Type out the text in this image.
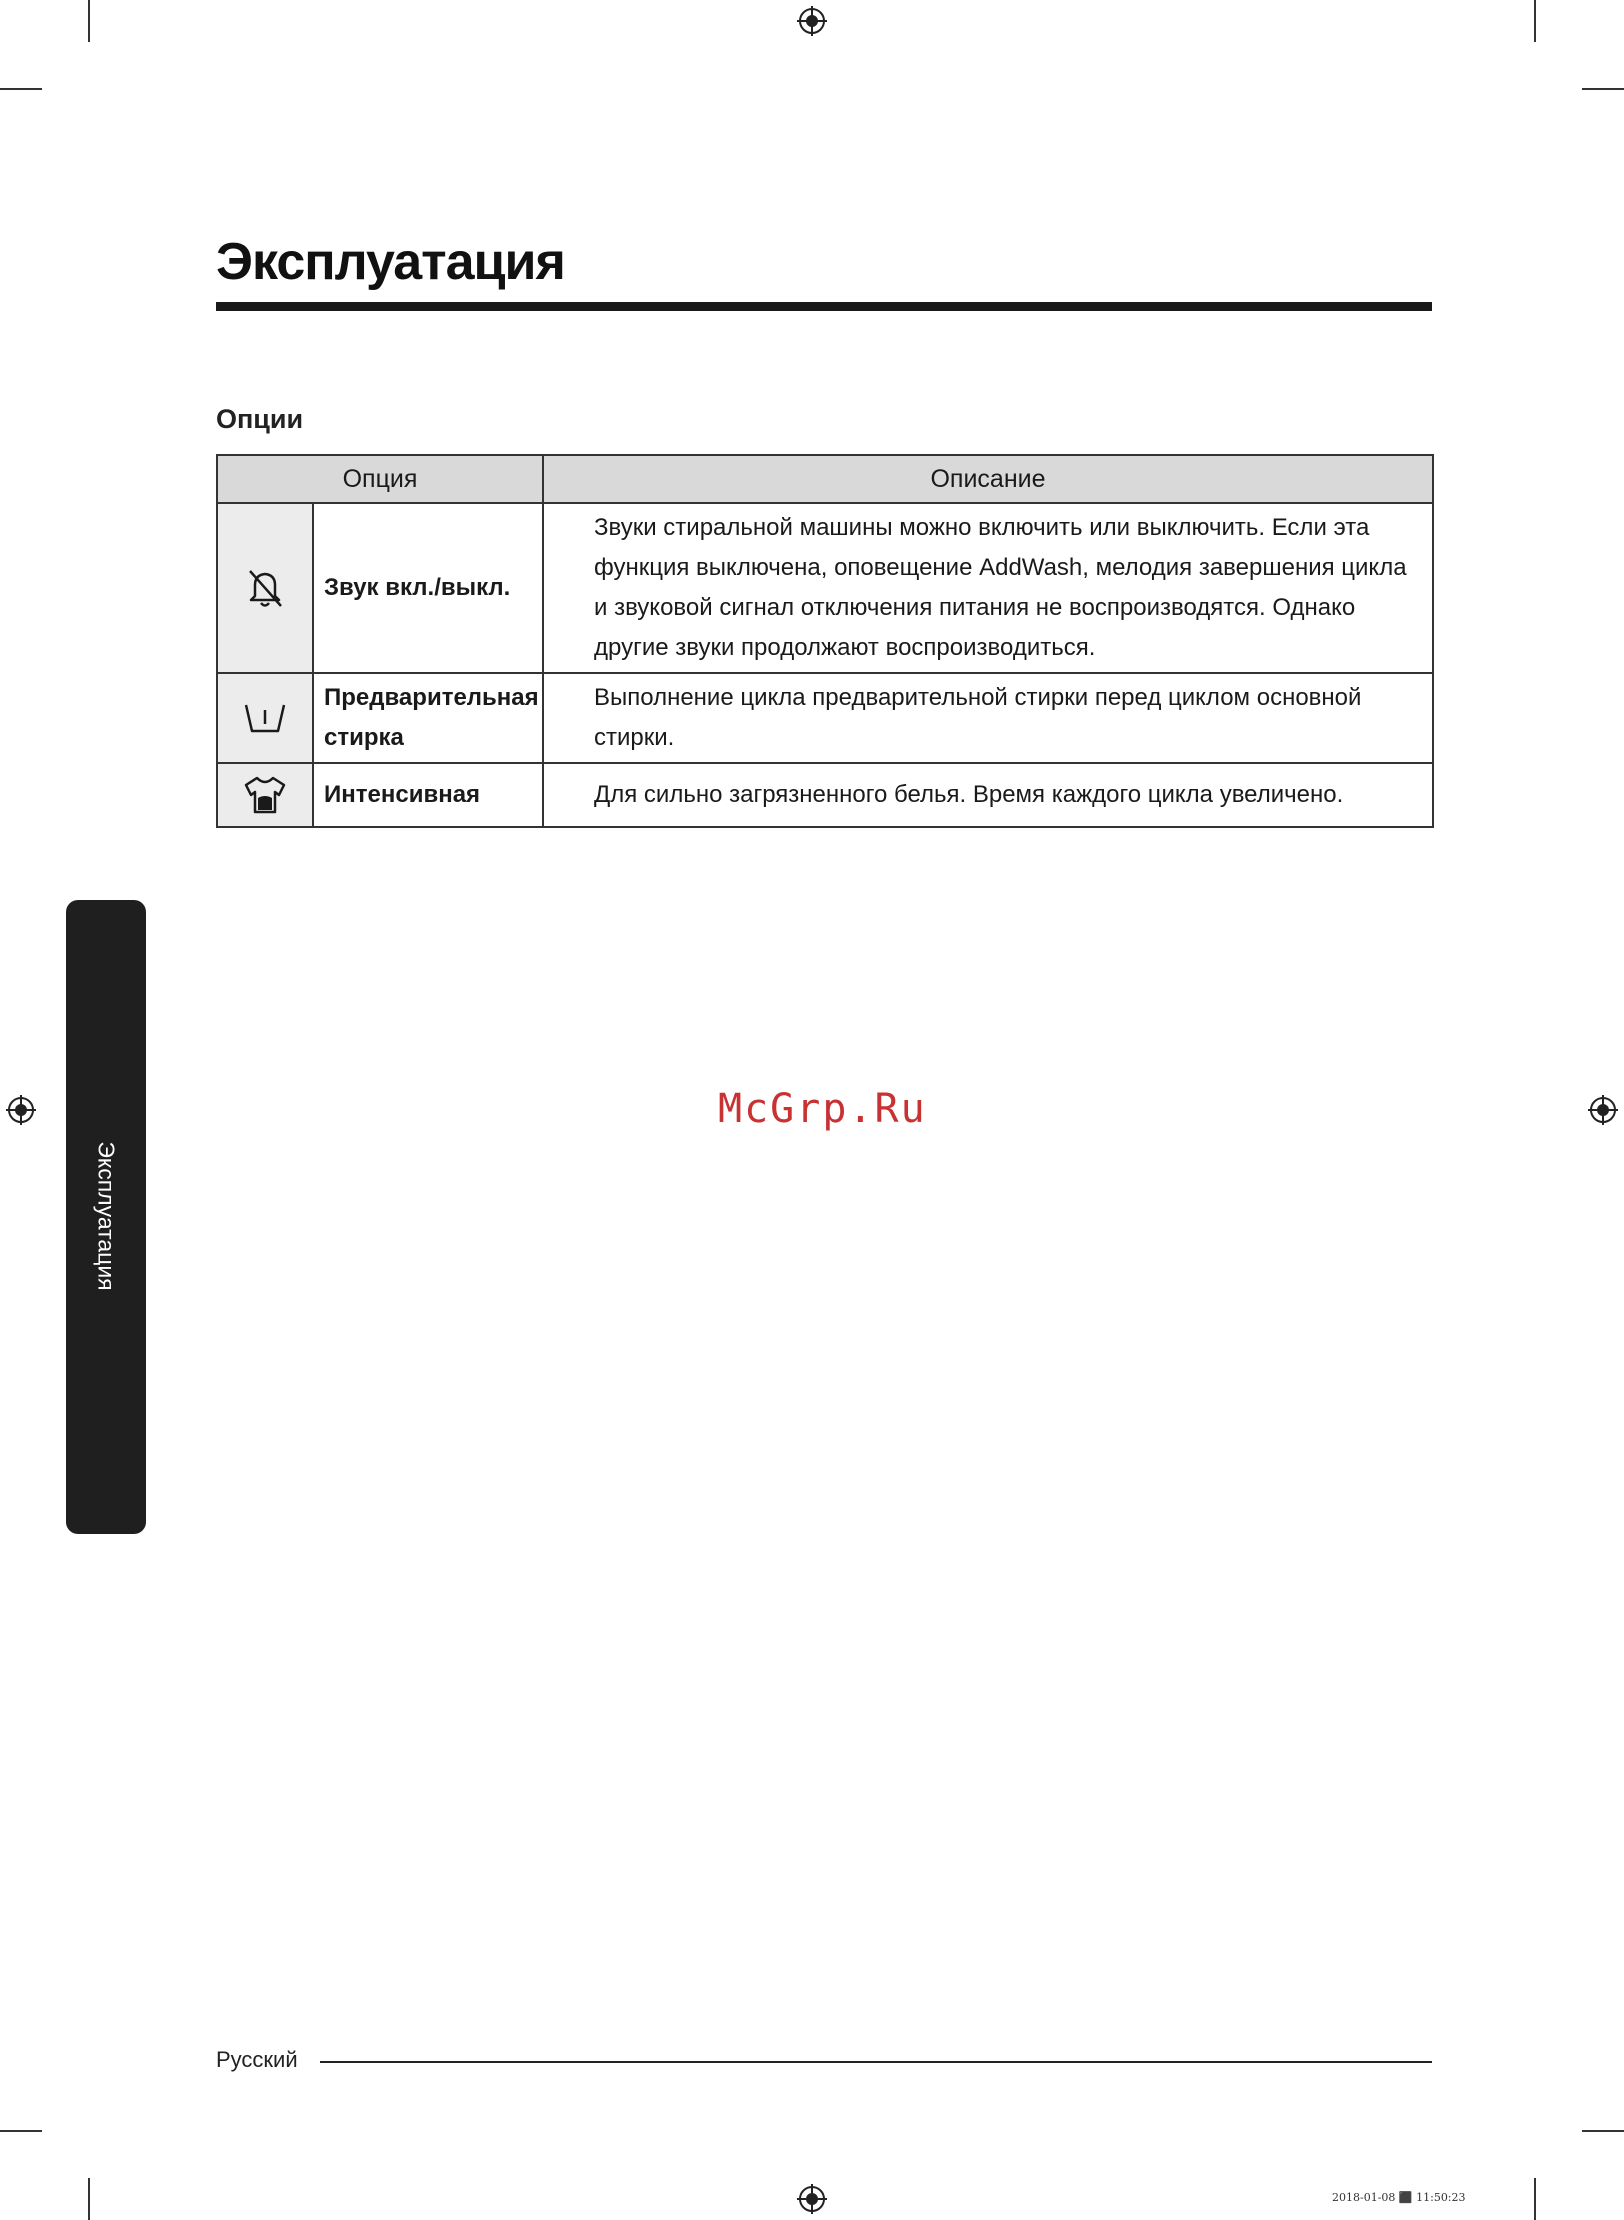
Эксплуатация
Опции
Опция		Описание
	Звук вкл./выкл.	Звуки стиральной машины можно включить или выключить. Если эта функция выключена, оповещение AddWash, мелодия завершения цикла и звуковой сигнал отключения питания не воспроизводятся. Однако другие звуки продолжают воспроизводиться.
	Предварительная стирка	Выполнение цикла предварительной стирки перед циклом основной стирки.
	Интенсивная	Для сильно загрязненного белья. Время каждого цикла увеличено.
Эксплуатация
McGrp.Ru
Русский
2018-01-08 ⬛ 11:50:23
